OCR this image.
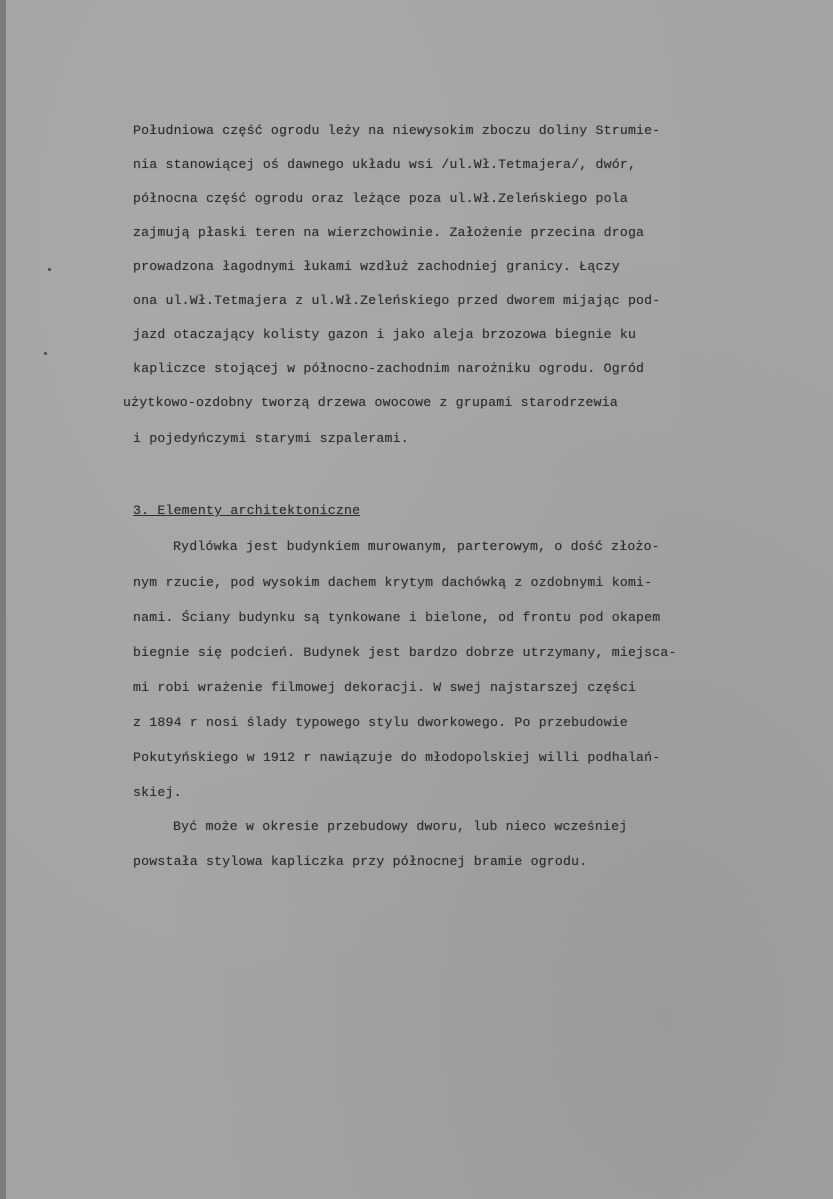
Południowa część ogrodu leży na niewysokim zboczu doliny Strumie-
nia stanowiącej oś dawnego układu wsi /ul.Wł.Tetmajera/, dwór,
północna część ogrodu oraz leżące poza ul.Wł.Zeleńskiego pola
zajmują płaski teren na wierzchowinie. Założenie przecina droga
prowadzona łagodnymi łukami wzdłuż zachodniej granicy. Łączy
ona ul.Wł.Tetmajera z ul.Wł.Zeleńskiego przed dworem mijając pod-
jazd otaczający kolisty gazon i jako aleja brzozowa biegnie ku
kapliczce stojącej w północno-zachodnim narożniku ogrodu. Ogród
użytkowo-ozdobny tworzą drzewa owocowe z grupami starodrzewia
i pojedyńczymi starymi szpalerami.
3. Elementy architektoniczne
Rydlówka jest budynkiem murowanym, parterowym, o dość złożo-
nym rzucie, pod wysokim dachem krytym dachówką z ozdobnymi komi-
nami. Ściany budynku są tynkowane i bielone, od frontu pod okapem
biegnie się podcień. Budynek jest bardzo dobrze utrzymany, miejsca-
mi robi wrażenie filmowej dekoracji. W swej najstarszej części
z 1894 r nosi ślady typowego stylu dworkowego. Po przebudowie
Pokutyńskiego w 1912 r nawiązuje do młodopolskiej willi podhalań-
skiej.
Być może w okresie przebudowy dworu, lub nieco wcześniej
powstała stylowa kapliczka przy północnej bramie ogrodu.
